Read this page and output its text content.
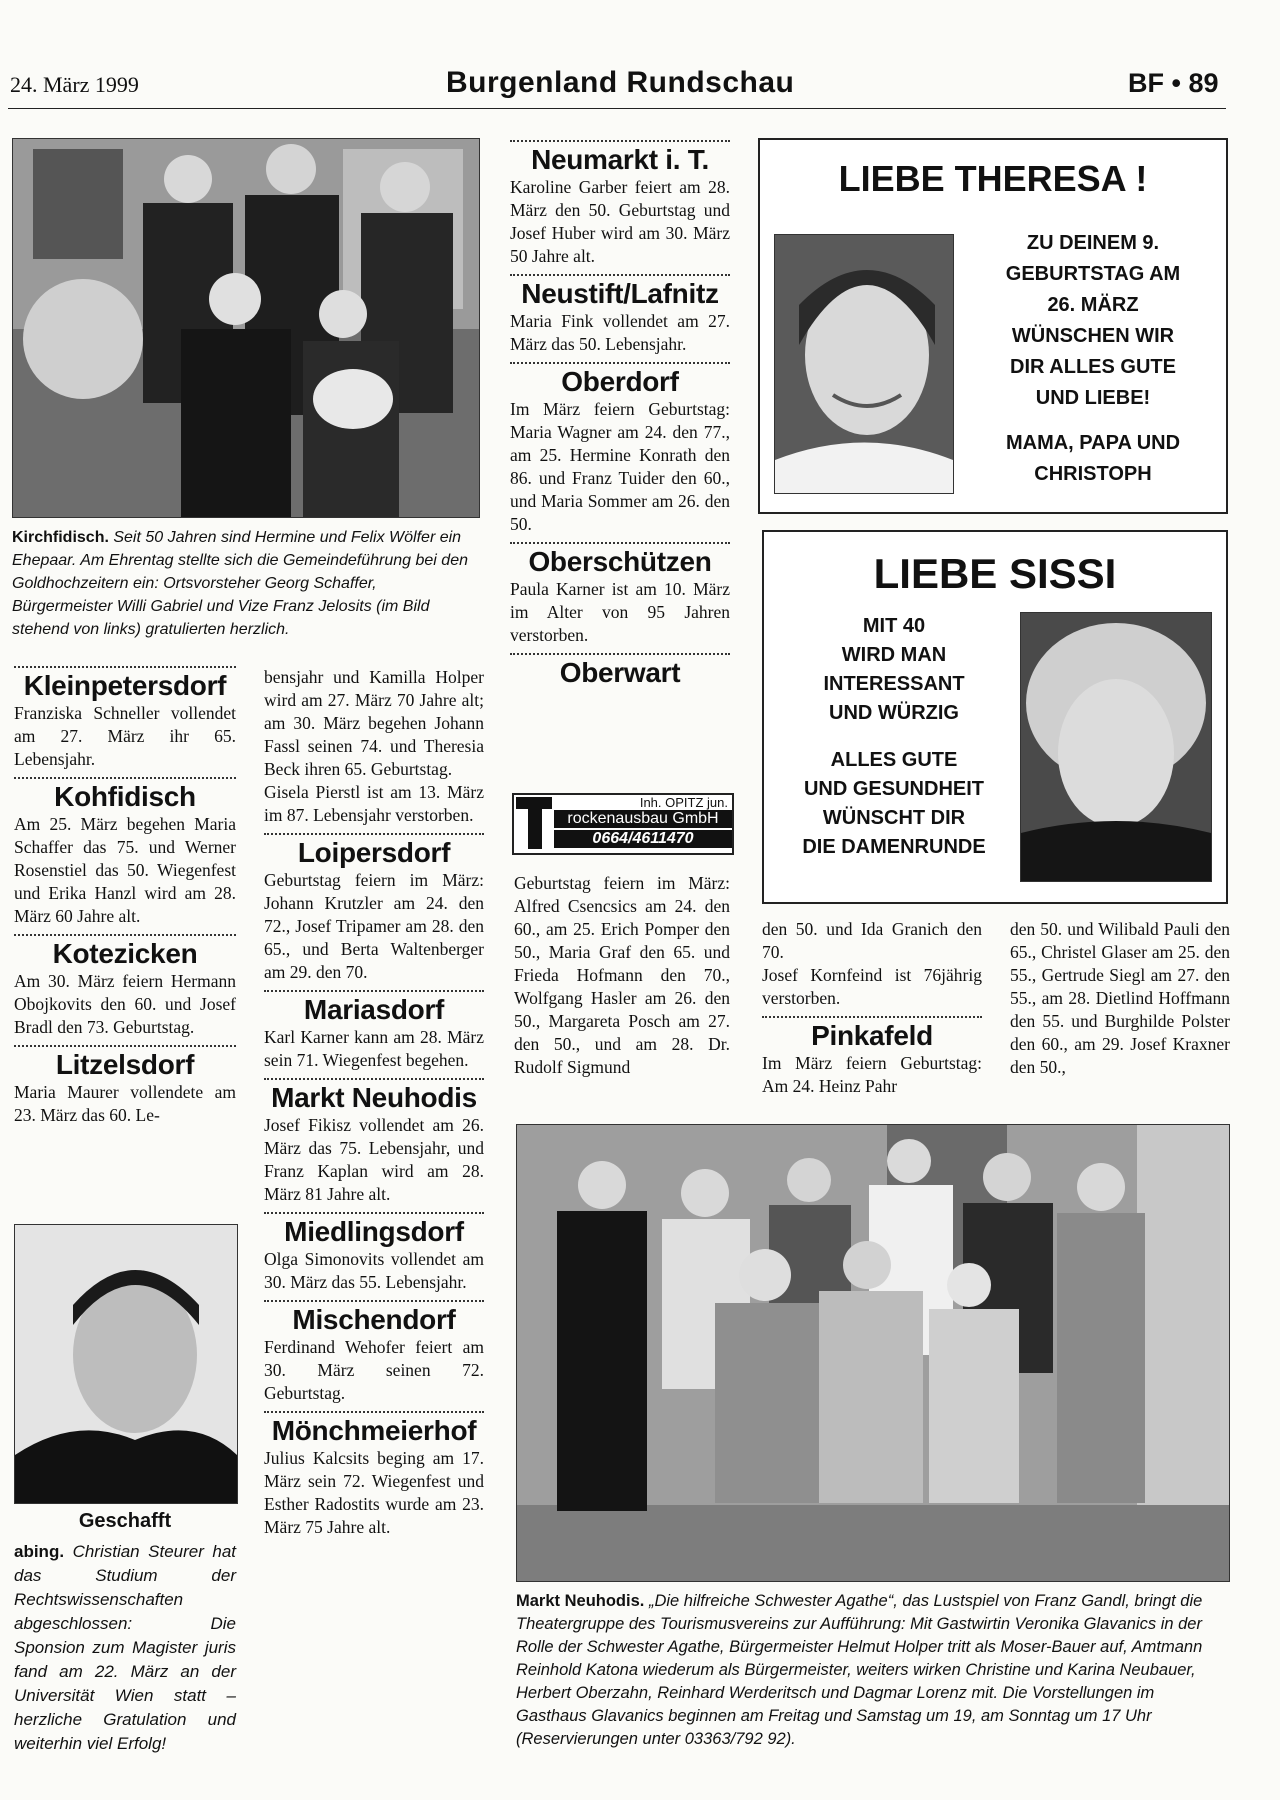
24. März 1999	Burgenland Rundschau	BF • 89
Kirchfidisch. Seit 50 Jahren sind Hermine und Felix Wölfer ein Ehepaar. Am Ehrentag stellte sich die Gemeindeführung bei den Goldhochzeitern ein: Ortsvorsteher Georg Schaffer, Bürgermeister Willi Gabriel und Vize Franz Jelosits (im Bild stehend von links) gratulierten herzlich.
Kleinpetersdorf

Franziska Schneller vollendet am 27. März ihr 65. Lebensjahr.

Kohfidisch

Am 25. März begehen Maria Schaffer das 75. und Werner Rosenstiel das 50. Wiegenfest und Erika Hanzl wird am 28. März 60 Jahre alt.

Kotezicken

Am 30. März feiern Hermann Obojkovits den 60. und Josef Bradl den 73. Geburtstag.

Litzelsdorf

Maria Maurer vollendete am 23. März das 60. Le-

Geschafft
abing. Christian Steurer hat das Studium der Rechtswissenschaften abgeschlossen: Die Sponsion zum Magister juris fand am 22. März an der Universität Wien statt – herzliche Gratulation und weiterhin viel Erfolg!

bensjahr und Kamilla Holper wird am 27. März 70 Jahre alt; am 30. März begehen Johann Fassl seinen 74. und Theresia Beck ihren 65. Geburtstag.

Gisela Pierstl ist am 13. März im 87. Lebensjahr verstorben.

Loipersdorf

Geburtstag feiern im März: Johann Krutzler am 24. den 72., Josef Tripamer am 28. den 65., und Berta Waltenberger am 29. den 70.

Mariasdorf

Karl Karner kann am 28. März sein 71. Wiegenfest begehen.

Markt Neuhodis

Josef Fikisz vollendet am 26. März das 75. Lebensjahr, und Franz Kaplan wird am 28. März 81 Jahre alt.

Miedlingsdorf

Olga Simonovits vollendet am 30. März das 55. Lebensjahr.

Mischendorf

Ferdinand Wehofer feiert am 30. März seinen 72. Geburtstag.

Mönchmeierhof

Julius Kalcsits beging am 17. März sein 72. Wiegenfest und Esther Radostits wurde am 23. März 75 Jahre alt.

Neumarkt i. T.

Karoline Garber feiert am 28. März den 50. Geburtstag und Josef Huber wird am 30. März 50 Jahre alt.

Neustift/Lafnitz

Maria Fink vollendet am 27. März das 50. Lebensjahr.

Oberdorf

Im März feiern Geburtstag: Maria Wagner am 24. den 77., am 25. Hermine Konrath den 86. und Franz Tuider den 60., und Maria Sommer am 26. den 50.

Oberschützen

Paula Karner ist am 10. März im Alter von 95 Jahren verstorben.

Oberwart
Inh. OPITZ jun.
rockenausbau GmbH
0664/4611470

Geburtstag feiern im März: Alfred Csencsics am 24. den 60., am 25. Erich Pomper den 50., Maria Graf den 65. und Frieda Hofmann den 70., Wolfgang Hasler am 26. den 50., Margareta Posch am 27. den 50., und am 28. Dr. Rudolf Sigmund

LIEBE THERESA !
ZU DEINEM 9.
GEBURTSTAG AM
26. MÄRZ
WÜNSCHEN WIR
DIR ALLES GUTE
UND LIEBE!
MAMA, PAPA UND
CHRISTOPH
LIEBE SISSI
MIT 40
WIRD MAN
INTERESSANT
UND WÜRZIG
ALLES GUTE
UND GESUNDHEIT
WÜNSCHT DIR
DIE DAMENRUNDE

den 50. und Ida Granich den 70.

Josef Kornfeind ist 76jährig verstorben.

Pinkafeld

Im März feiern Geburtstag: Am 24. Heinz Pahr

den 50. und Wilibald Pauli den 65., Christel Glaser am 25. den 55., Gertrude Siegl am 27. den 55., am 28. Dietlind Hoffmann den 55. und Burghilde Polster den 60., am 29. Josef Kraxner den 50.,

Markt Neuhodis. „Die hilfreiche Schwester Agathe“, das Lustspiel von Franz Gandl, bringt die Theatergruppe des Tourismusvereins zur Aufführung: Mit Gastwirtin Veronika Glavanics in der Rolle der Schwester Agathe, Bürgermeister Helmut Holper tritt als Moser-Bauer auf, Amtmann Reinhold Katona wiederum als Bürgermeister, weiters wirken Christine und Karina Neubauer, Herbert Oberzahn, Reinhard Werderitsch und Dagmar Lorenz mit. Die Vorstellungen im Gasthaus Glavanics beginnen am Freitag und Samstag um 19, am Sonntag um 17 Uhr (Reservierungen unter 03363/792 92).
